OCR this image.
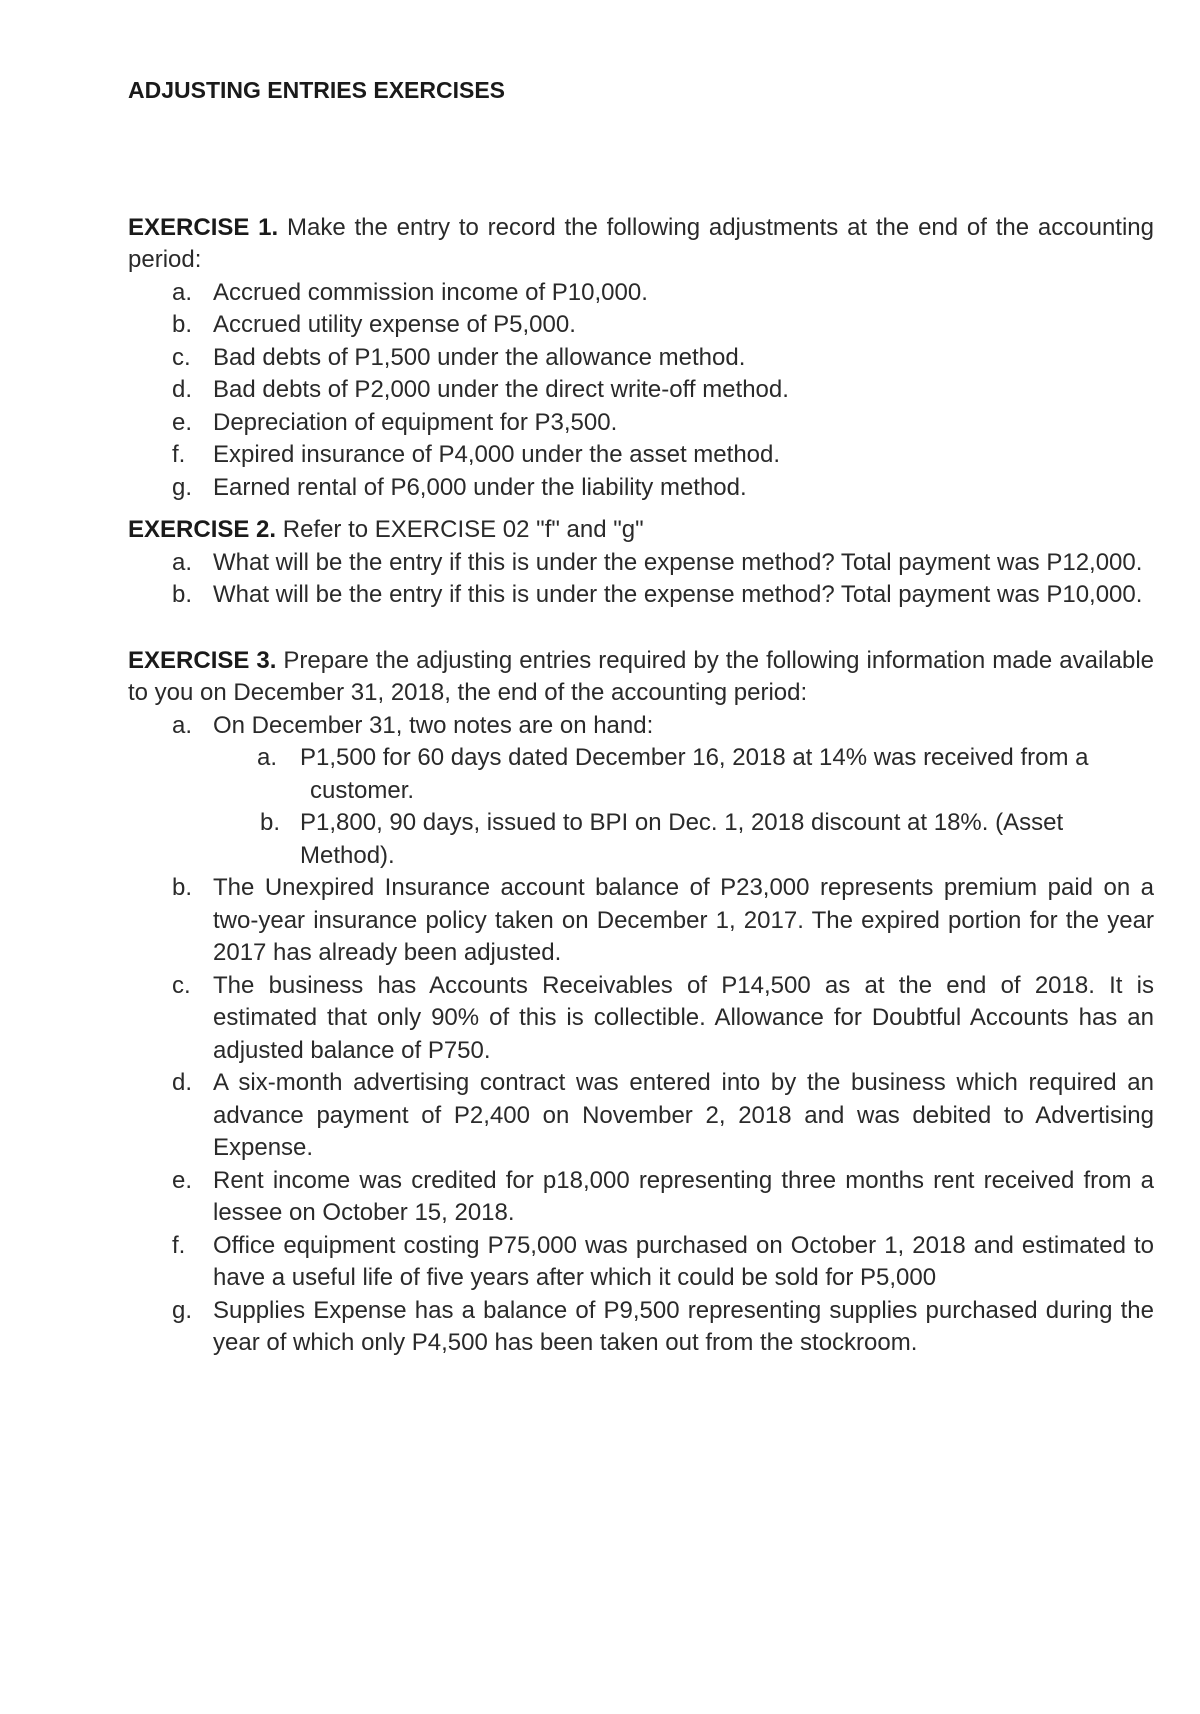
ADJUSTING ENTRIES EXERCISES

EXERCISE 1. Make the entry to record the following adjustments at the end of the accounting period:

a. Accrued commission income of P10,000.
b. Accrued utility expense of P5,000.
c. Bad debts of P1,500 under the allowance method.
d. Bad debts of P2,000 under the direct write-off method.
e. Depreciation of equipment for P3,500.
f. Expired insurance of P4,000 under the asset method.
g. Earned rental of P6,000 under the liability method.

EXERCISE 2. Refer to EXERCISE 02 "f" and "g"

a. What will be the entry if this is under the expense method? Total payment was P12,000.
b. What will be the entry if this is under the expense method? Total payment was P10,000.

EXERCISE 3. Prepare the adjusting entries required by the following information made available to you on December 31, 2018, the end of the accounting period:

a. On December 31, two notes are on hand:
a. P1,500 for 60 days dated December 16, 2018 at 14% was received from a
customer.
b. P1,800, 90 days, issued to BPI on Dec. 1, 2018 discount at 18%. (Asset
Method).
b. The Unexpired Insurance account balance of P23,000 represents premium paid on a two-year insurance policy taken on December 1, 2017. The expired portion for the year 2017 has already been adjusted.
c. The business has Accounts Receivables of P14,500 as at the end of 2018. It is estimated that only 90% of this is collectible. Allowance for Doubtful Accounts has an adjusted balance of P750.
d. A six-month advertising contract was entered into by the business which required an advance payment of P2,400 on November 2, 2018 and was debited to Advertising Expense.
e. Rent income was credited for p18,000 representing three months rent received from a lessee on October 15, 2018.
f. Office equipment costing P75,000 was purchased on October 1, 2018 and estimated to have a useful life of five years after which it could be sold for P5,000
g. Supplies Expense has a balance of P9,500 representing supplies purchased during the year of which only P4,500 has been taken out from the stockroom.
